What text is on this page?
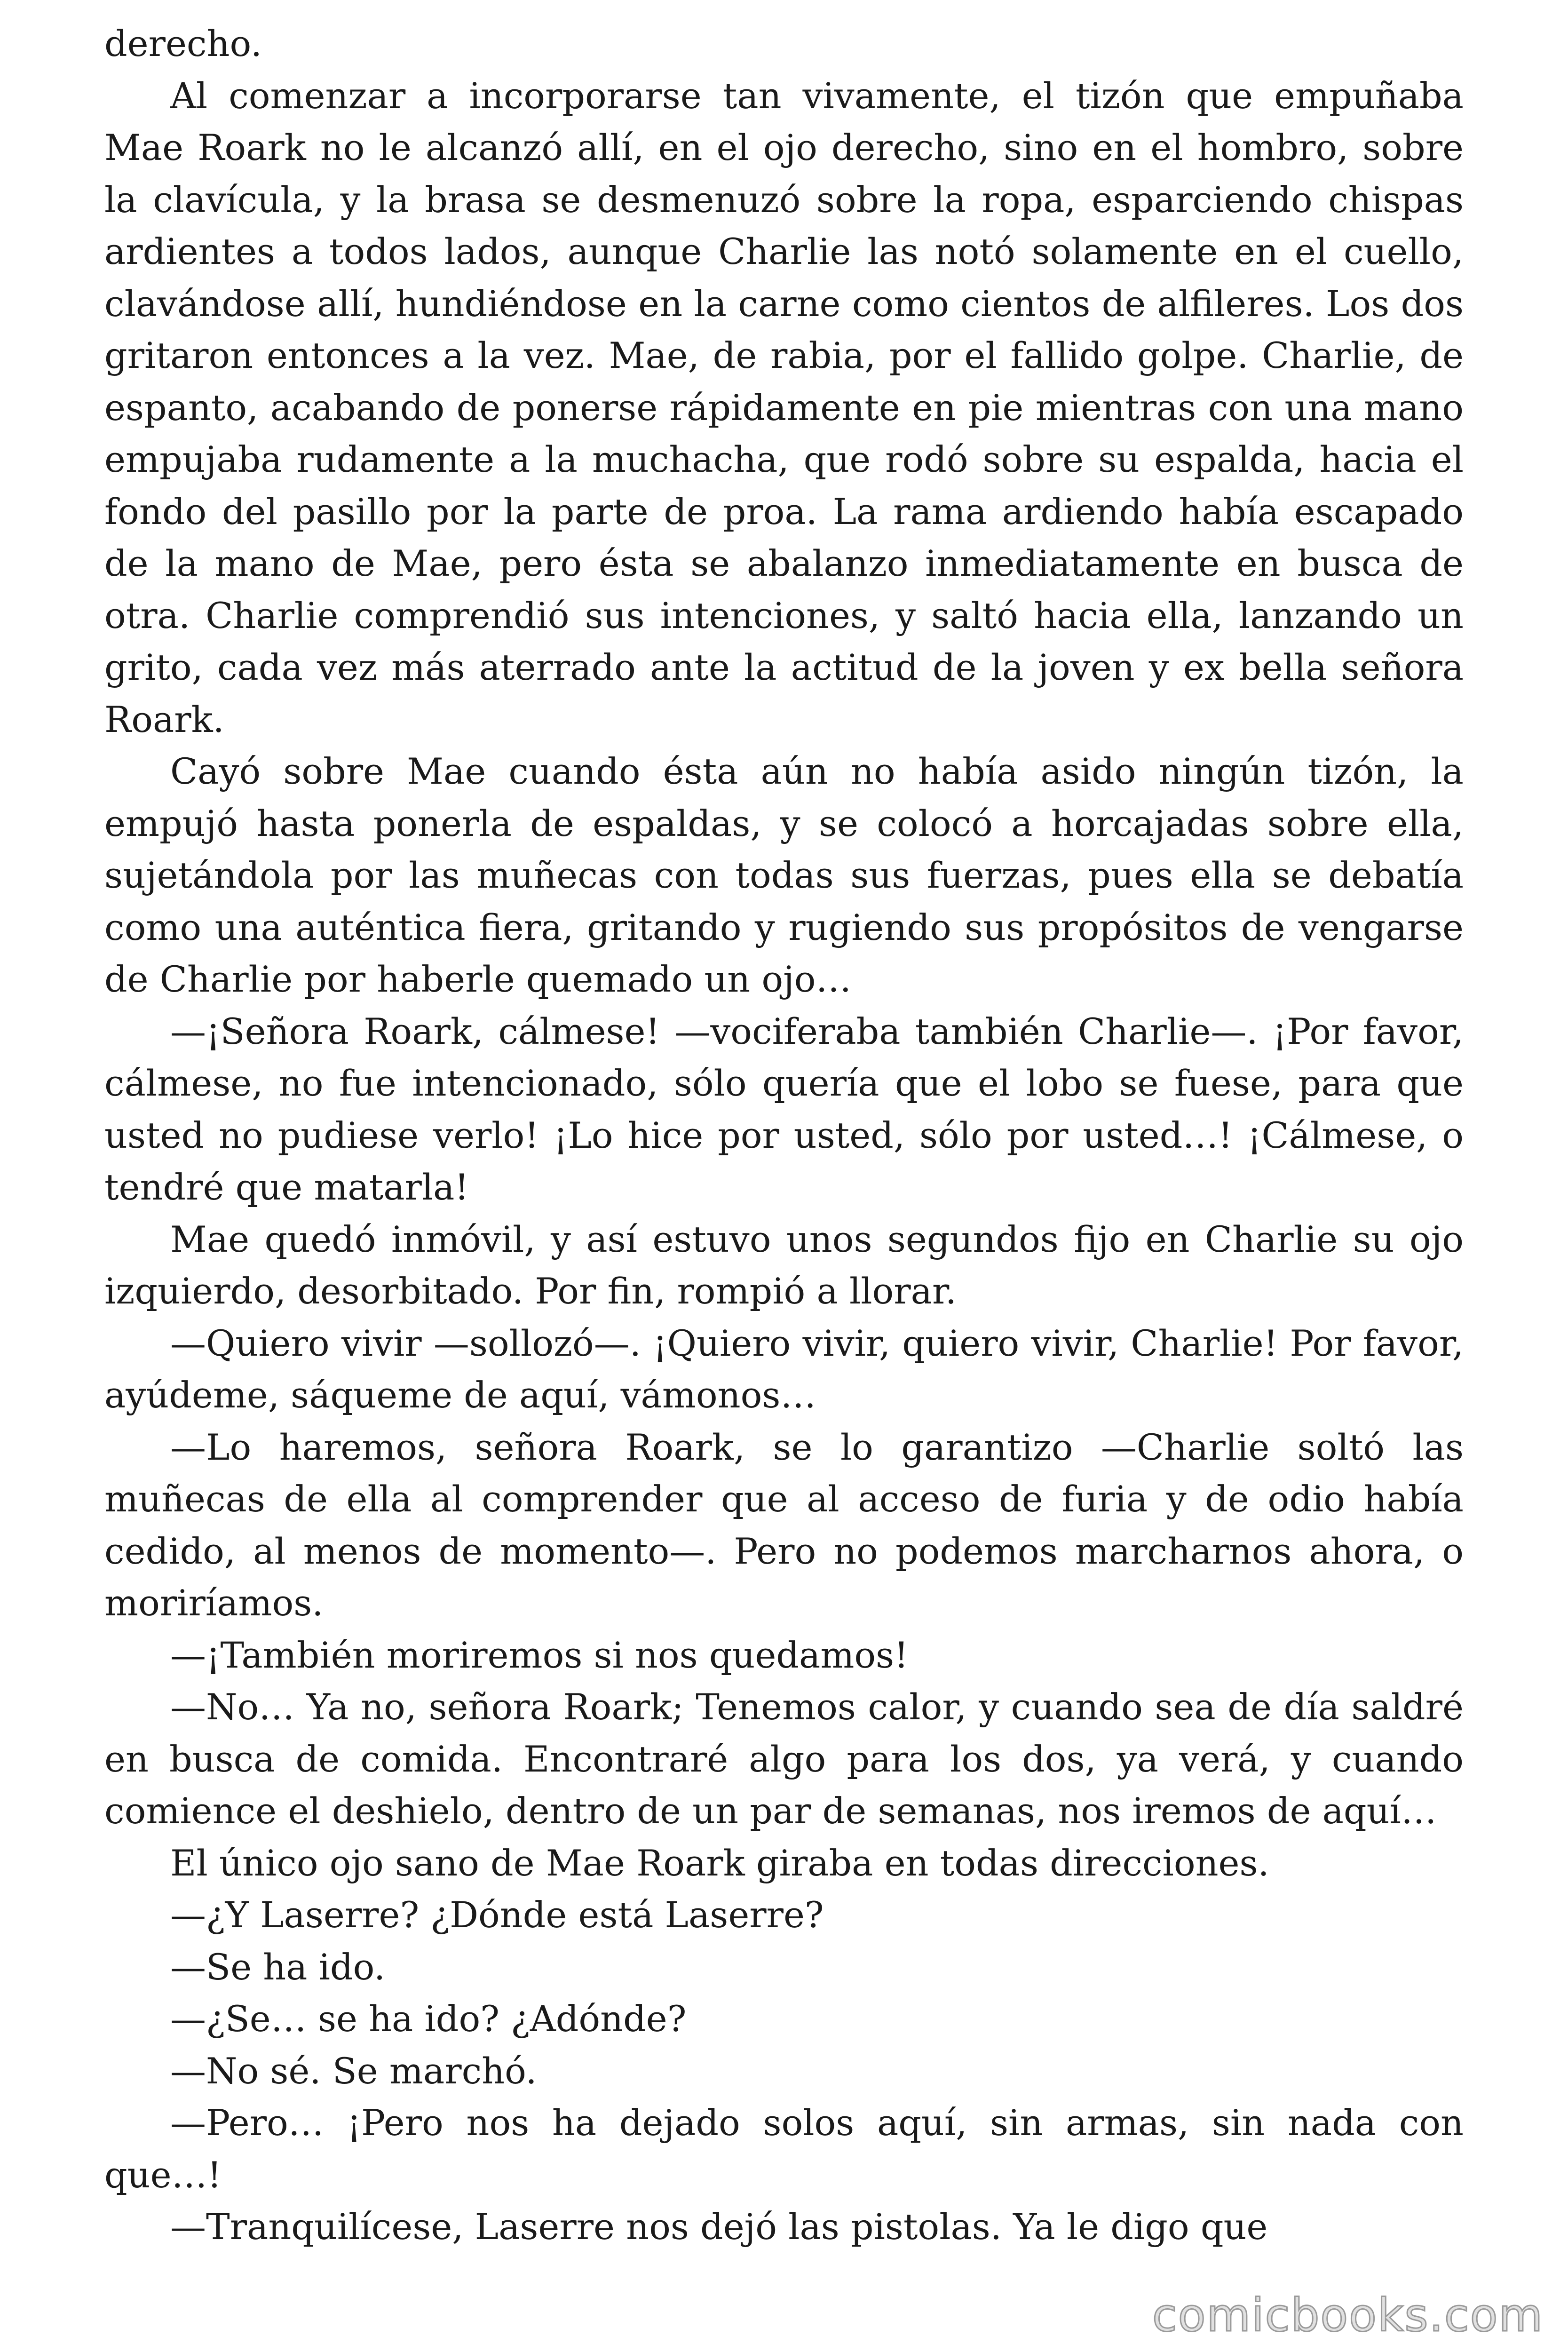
derecho.

Al comenzar a incorporarse tan vivamente, el tizón que empuñaba Mae Roark no le alcanzó allí, en el ojo derecho, sino en el hombro, sobre la clavícula, y la brasa se desmenuzó sobre la ropa, esparciendo chispas ardientes a todos lados, aunque Charlie las notó solamente en el cuello, clavándose allí, hundiéndose en la carne como cientos de alfileres. Los dos gritaron entonces a la vez. Mae, de rabia, por el fallido golpe. Charlie, de espanto, acabando de ponerse rápidamente en pie mientras con una mano empujaba rudamente a la muchacha, que rodó sobre su espalda, hacia el fondo del pasillo por la parte de proa. La rama ardiendo había escapado de la mano de Mae, pero ésta se abalanzo inmediatamente en busca de otra. Charlie comprendió sus intenciones, y saltó hacia ella, lanzando un grito, cada vez más aterrado ante la actitud de la joven y ex bella señora Roark.

Cayó sobre Mae cuando ésta aún no había asido ningún tizón, la empujó hasta ponerla de espaldas, y se colocó a horcajadas sobre ella, sujetándola por las muñecas con todas sus fuerzas, pues ella se debatía como una auténtica fiera, gritando y rugiendo sus propósitos de vengarse de Charlie por haberle quemado un ojo…

—¡Señora Roark, cálmese! —vociferaba también Charlie—. ¡Por favor, cálmese, no fue intencionado, sólo quería que el lobo se fuese, para que usted no pudiese verlo! ¡Lo hice por usted, sólo por usted…! ¡Cálmese, o tendré que matarla!

Mae quedó inmóvil, y así estuvo unos segundos fijo en Charlie su ojo izquierdo, desorbitado. Por fin, rompió a llorar.

—Quiero vivir —sollozó—. ¡Quiero vivir, quiero vivir, Charlie! Por favor, ayúdeme, sáqueme de aquí, vámonos…

—Lo haremos, señora Roark, se lo garantizo —Charlie soltó las muñecas de ella al comprender que al acceso de furia y de odio había cedido, al menos de momento—. Pero no podemos marcharnos ahora, o moriríamos.

—¡También moriremos si nos quedamos!

—No… Ya no, señora Roark; Tenemos calor, y cuando sea de día saldré en busca de comida. Encontraré algo para los dos, ya verá, y cuando comience el deshielo, dentro de un par de semanas, nos iremos de aquí…

El único ojo sano de Mae Roark giraba en todas direcciones.

—¿Y Laserre? ¿Dónde está Laserre?

—Se ha ido.

—¿Se… se ha ido? ¿Adónde?

—No sé. Se marchó.

—Pero… ¡Pero nos ha dejado solos aquí, sin armas, sin nada con que…!

—Tranquilícese, Laserre nos dejó las pistolas. Ya le digo que

comicbooks.com
